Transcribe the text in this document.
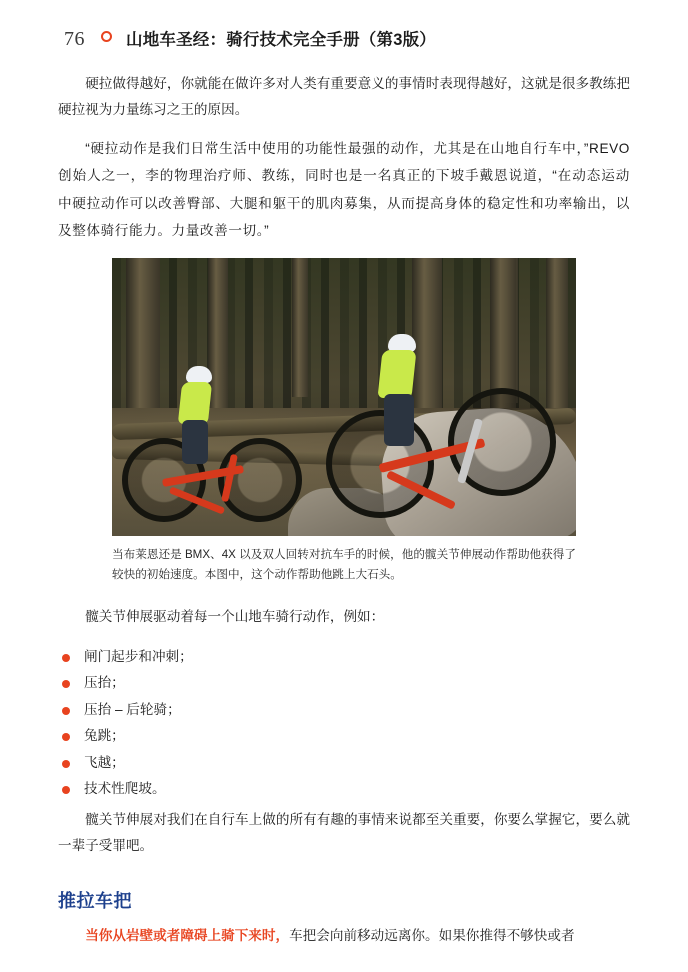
76 山地车圣经：骑行技术完全手册（第3版）

硬拉做得越好，你就能在做许多对人类有重要意义的事情时表现得越好，这就是很多教练把硬拉视为力量练习之王的原因。

“硬拉动作是我们日常生活中使用的功能性最强的动作，尤其是在山地自行车中，”REVO 创始人之一，李的物理治疗师、教练，同时也是一名真正的下坡手戴恩说道，“在动态运动中硬拉动作可以改善臀部、大腿和躯干的肌肉募集，从而提高身体的稳定性和功率输出，以及整体骑行能力。力量改善一切。”

当布莱恩还是 BMX、4X 以及双人回转对抗车手的时候，他的髋关节伸展动作帮助他获得了较快的初始速度。本图中，这个动作帮助他跳上大石头。

髋关节伸展驱动着每一个山地车骑行动作，例如：

闸门起步和冲刺；
压抬；
压抬 – 后轮骑；
兔跳；
飞越；
技术性爬坡。

髋关节伸展对我们在自行车上做的所有有趣的事情来说都至关重要，你要么掌握它，要么就一辈子受罪吧。

推拉车把

当你从岩壁或者障碍上骑下来时，车把会向前移动远离你。如果你推得不够快或者
